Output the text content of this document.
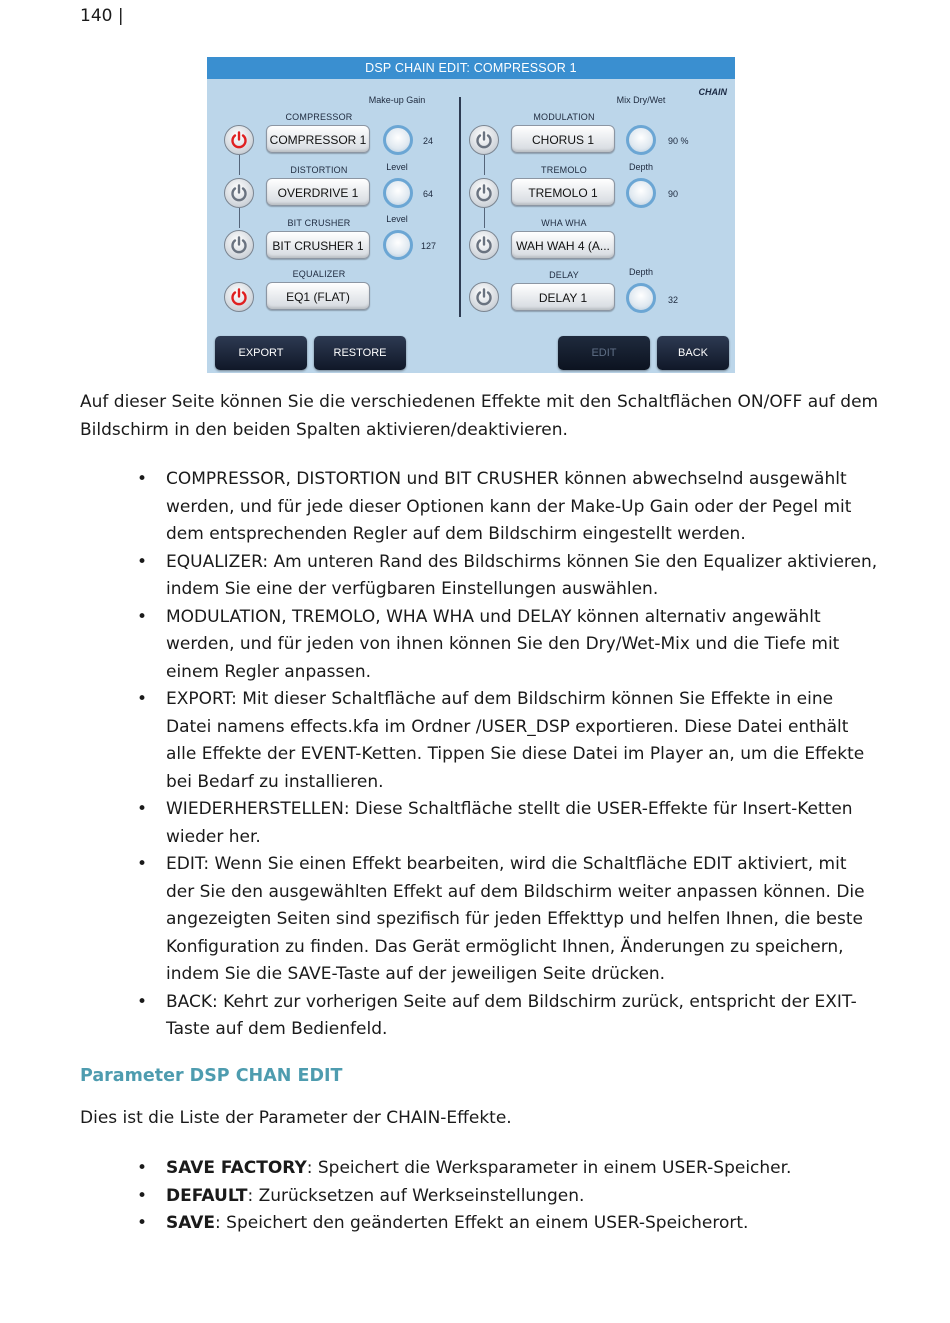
140 |
DSP CHAIN EDIT: COMPRESSOR 1
CHAIN
COMPRESSOR
COMPRESSOR 1
Make-up Gain
24
DISTORTION
OVERDRIVE 1
Level
64
BIT CRUSHER
BIT CRUSHER 1
Level
127
EQUALIZER
EQ1 (FLAT)
MODULATION
CHORUS 1
Mix Dry/Wet
90 %
TREMOLO
TREMOLO 1
Depth
90
WHA WHA
WAH WAH 4 (A...
DELAY
DELAY 1
Depth
32
EXPORT	RESTORE	EDIT	BACK

Auf dieser Seite können Sie die verschiedenen Effekte mit den Schaltflächen ON/OFF auf dem Bildschirm in den beiden Spalten aktivieren/deaktivieren.

• COMPRESSOR, DISTORTION und BIT CRUSHER können abwechselnd ausgewählt werden, und für jede dieser Optionen kann der Make-Up Gain oder der Pegel mit dem entsprechenden Regler auf dem Bildschirm eingestellt werden.
• EQUALIZER: Am unteren Rand des Bildschirms können Sie den Equalizer aktivieren, indem Sie eine der verfügbaren Einstellungen auswählen.
• MODULATION, TREMOLO, WHA WHA und DELAY können alternativ angewählt werden, und für jeden von ihnen können Sie den Dry/Wet-Mix und die Tiefe mit einem Regler anpassen.
• EXPORT: Mit dieser Schaltfläche auf dem Bildschirm können Sie Effekte in eine Datei namens effects.kfa im Ordner /USER_DSP exportieren. Diese Datei enthält alle Effekte der EVENT-Ketten. Tippen Sie diese Datei im Player an, um die Effekte bei Bedarf zu installieren.
• WIEDERHERSTELLEN: Diese Schaltfläche stellt die USER-Effekte für Insert-Ketten wieder her.
• EDIT: Wenn Sie einen Effekt bearbeiten, wird die Schaltfläche EDIT aktiviert, mit der Sie den ausgewählten Effekt auf dem Bildschirm weiter anpassen können. Die angezeigten Seiten sind spezifisch für jeden Effekttyp und helfen Ihnen, die beste Konfiguration zu finden. Das Gerät ermöglicht Ihnen, Änderungen zu speichern, indem Sie die SAVE-Taste auf der jeweiligen Seite drücken.
• BACK: Kehrt zur vorherigen Seite auf dem Bildschirm zurück, entspricht der EXIT-Taste auf dem Bedienfeld.
Parameter DSP CHAN EDIT

Dies ist die Liste der Parameter der CHAIN-Effekte.

• SAVE FACTORY: Speichert die Werksparameter in einem USER-Speicher.
• DEFAULT: Zurücksetzen auf Werkseinstellungen.
• SAVE: Speichert den geänderten Effekt an einem USER-Speicherort.
